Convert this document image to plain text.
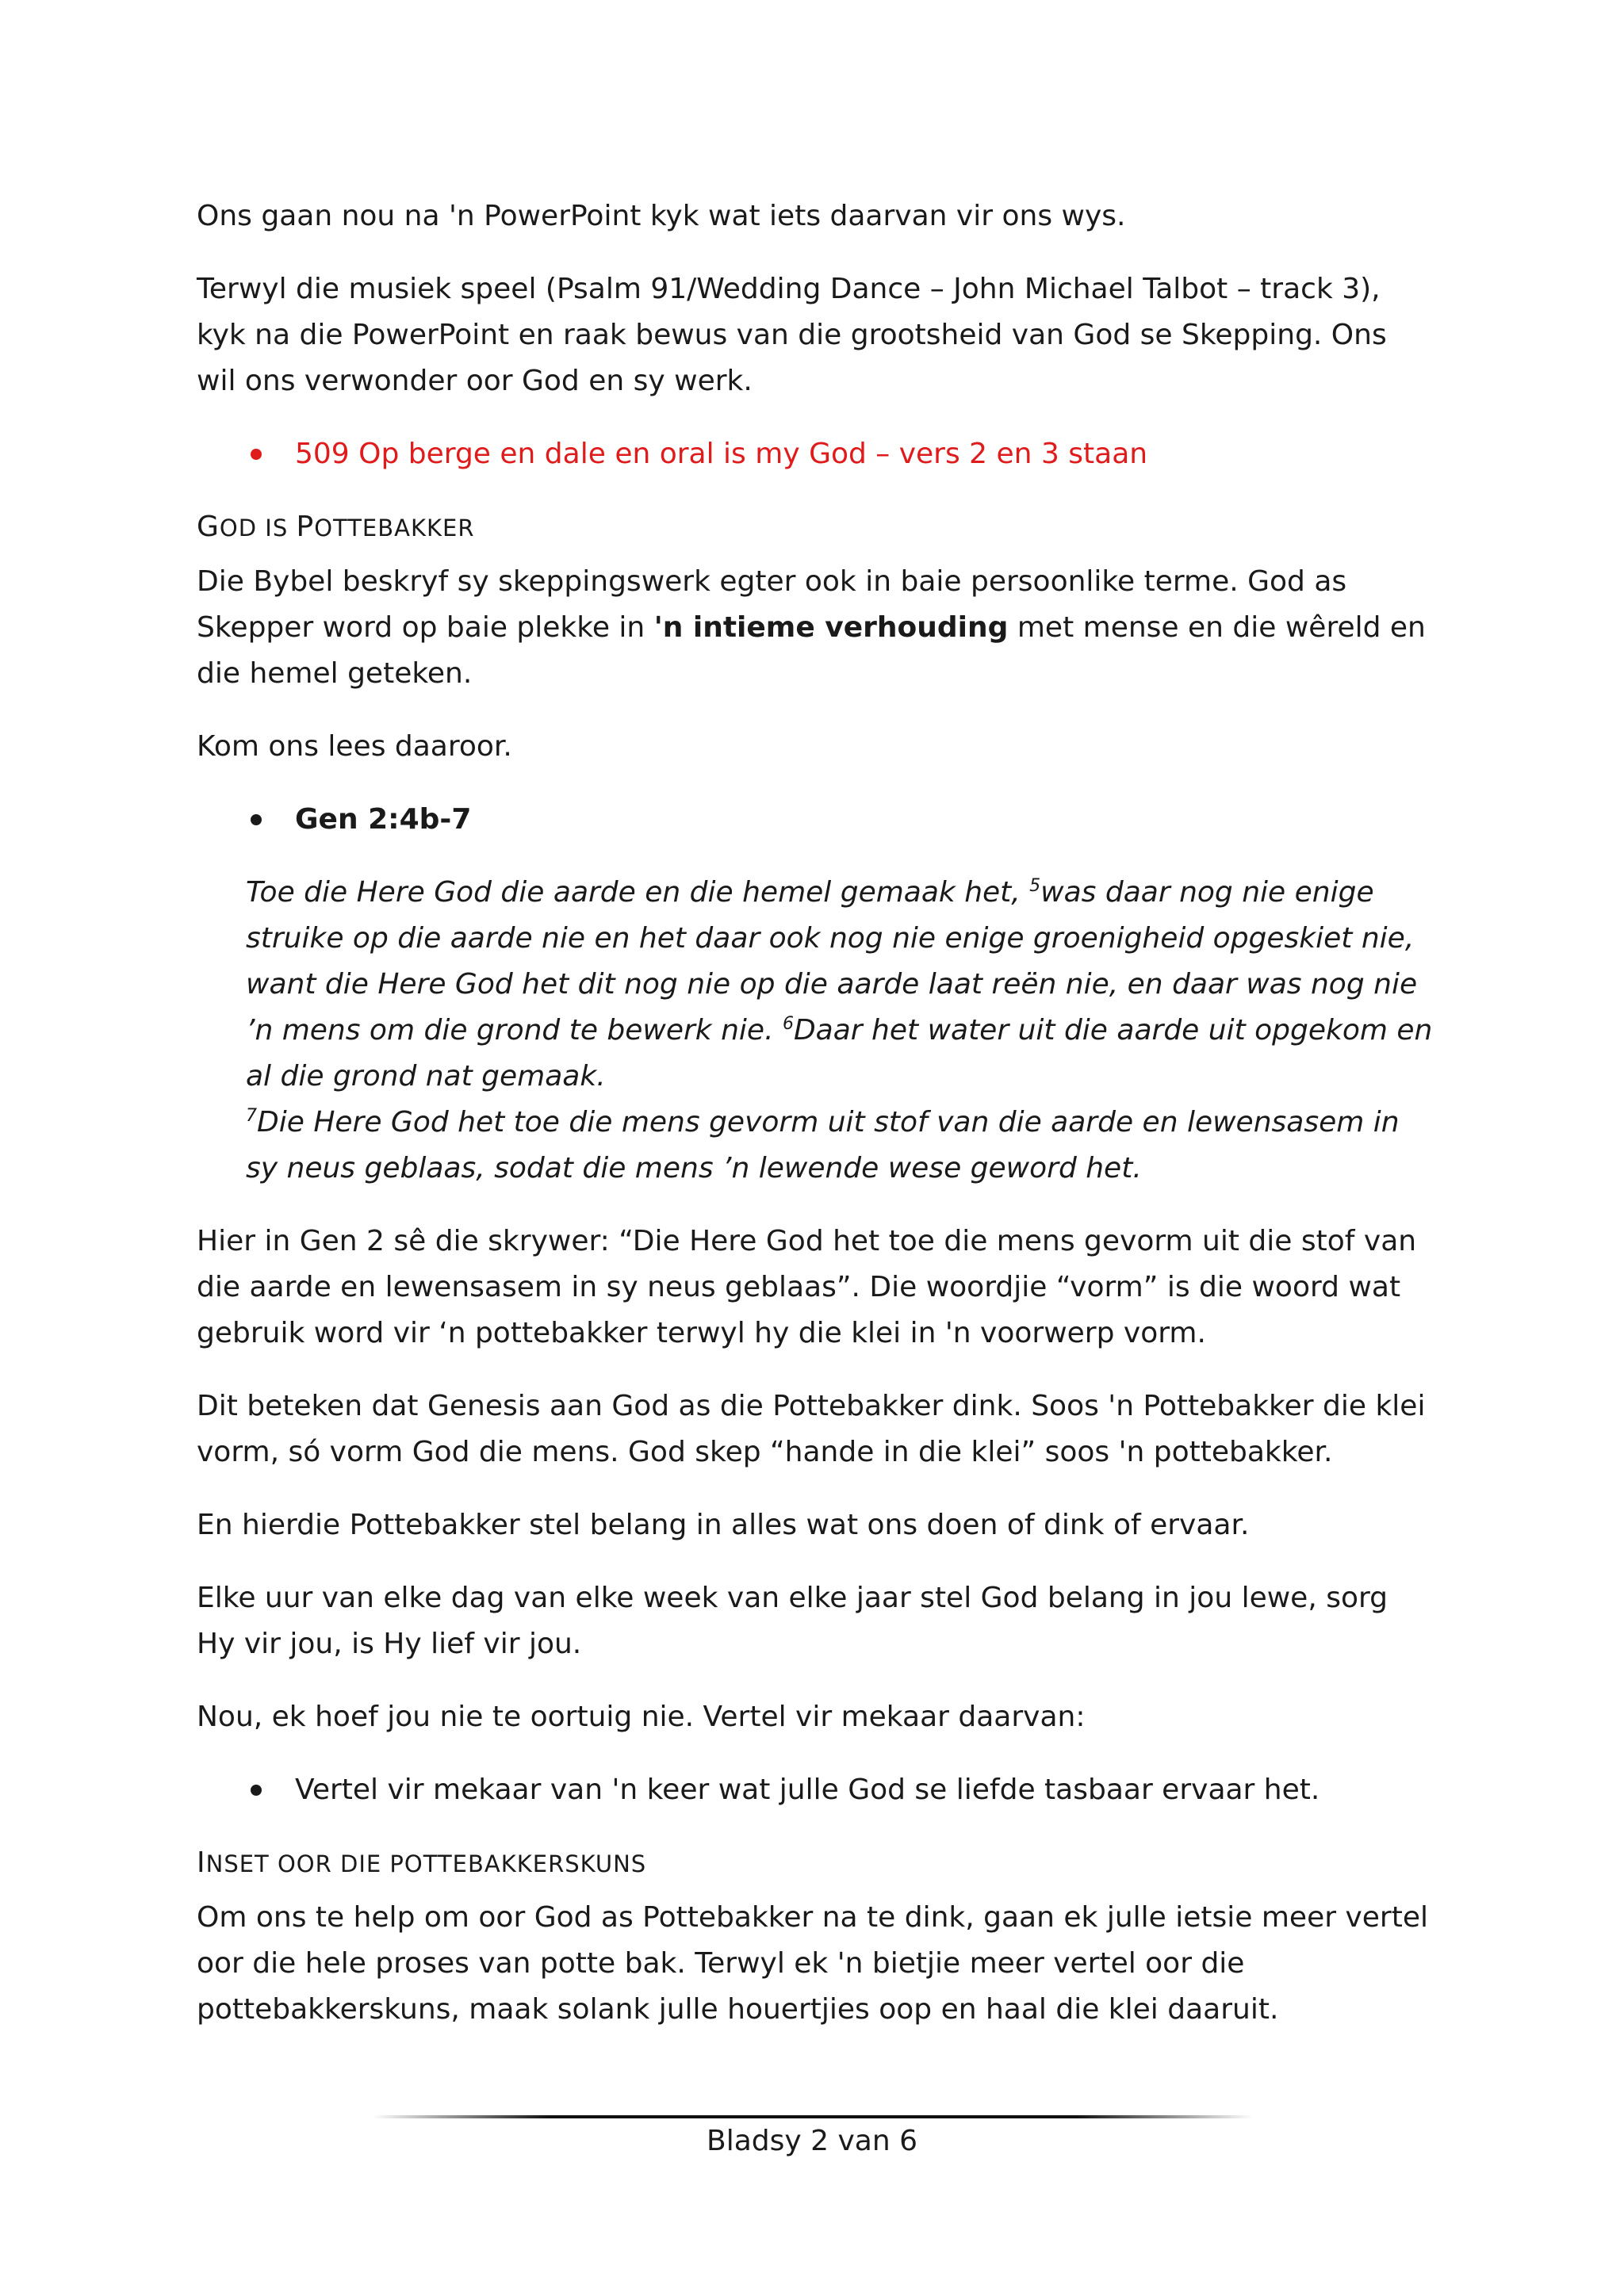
Ons gaan nou na 'n PowerPoint kyk wat iets daarvan vir ons wys.

Terwyl die musiek speel (Psalm 91/Wedding Dance – John Michael Talbot – track 3), kyk na die PowerPoint en raak bewus van die grootsheid van God se Skepping. Ons wil ons verwonder oor God en sy werk.

509 Op berge en dale en oral is my God – vers 2 en 3 staan
GOD IS POTTEBAKKER

Die Bybel beskryf sy skeppingswerk egter ook in baie persoonlike terme. God as Skepper word op baie plekke in 'n intieme verhouding met mense en die wêreld en die hemel geteken.

Kom ons lees daaroor.

Gen 2:4b-7
Toe die Here God die aarde en die hemel gemaak het, $^5$was daar nog nie enige struike op die aarde nie en het daar ook nog nie enige groenigheid opgeskiet nie, want die Here God het dit nog nie op die aarde laat reën nie, en daar was nog nie ’n mens om die grond te bewerk nie. $^6$Daar het water uit die aarde uit opgekom en al die grond nat gemaak.
$^7$Die Here God het toe die mens gevorm uit stof van die aarde en lewensasem in sy neus geblaas, sodat die mens ’n lewende wese geword het.

Hier in Gen 2 sê die skrywer: “Die Here God het toe die mens gevorm uit die stof van die aarde en lewensasem in sy neus geblaas”. Die woordjie “vorm” is die woord wat gebruik word vir ‘n pottebakker terwyl hy die klei in 'n voorwerp vorm.

Dit beteken dat Genesis aan God as die Pottebakker dink. Soos 'n Pottebakker die klei vorm, só vorm God die mens. God skep “hande in die klei” soos 'n pottebakker.

En hierdie Pottebakker stel belang in alles wat ons doen of dink of ervaar.

Elke uur van elke dag van elke week van elke jaar stel God belang in jou lewe, sorg Hy vir jou, is Hy lief vir jou.

Nou, ek hoef jou nie te oortuig nie. Vertel vir mekaar daarvan:

Vertel vir mekaar van 'n keer wat julle God se liefde tasbaar ervaar het.
INSET OOR DIE POTTEBAKKERSKUNS

Om ons te help om oor God as Pottebakker na te dink, gaan ek julle ietsie meer vertel oor die hele proses van potte bak. Terwyl ek 'n bietjie meer vertel oor die pottebakkerskuns, maak solank julle houertjies oop en haal die klei daaruit.

Bladsy 2 van 6
